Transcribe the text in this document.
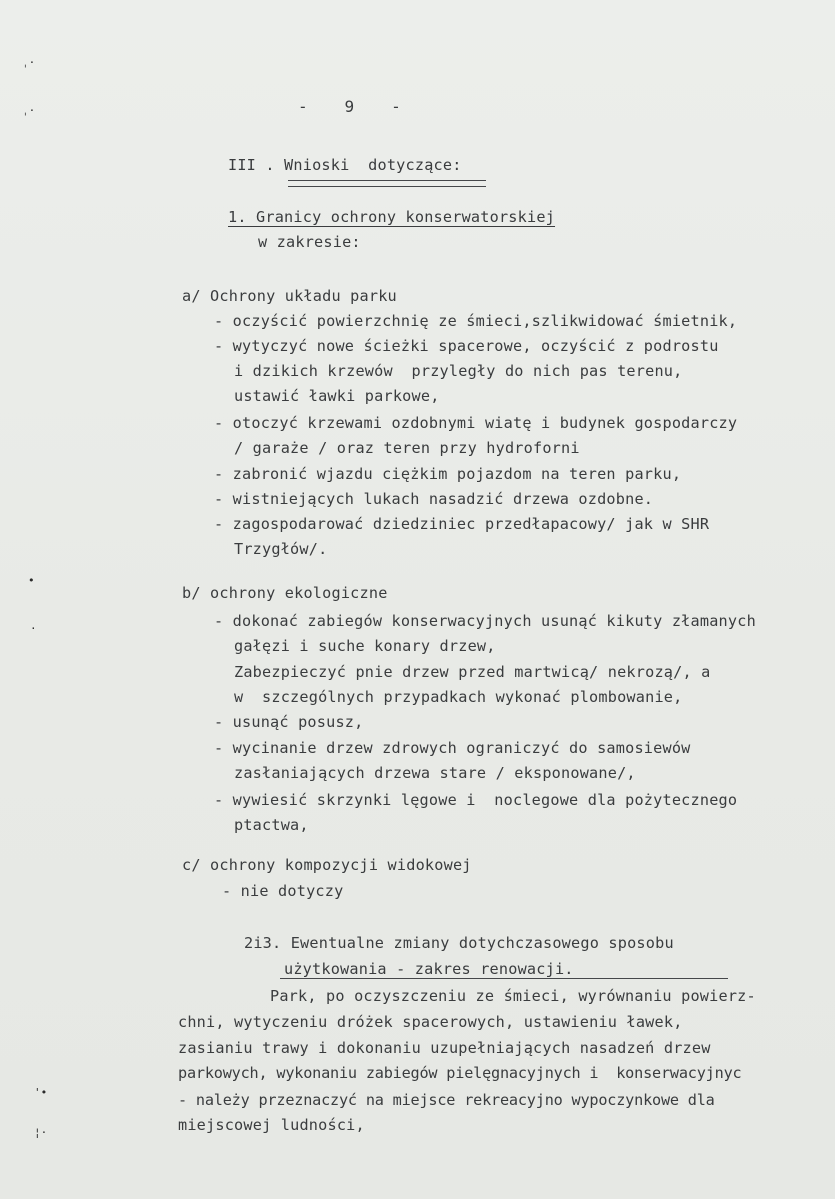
ˌ·
ˌ·
•
·
'•
¦·
-   9   -
III . Wnioski  dotyczące:
1. Granicy ochrony konserwatorskiej
w zakresie:
a/ Ochrony układu parku
- oczyścić powierzchnię ze śmieci,szlikwidować śmietnik,
- wytyczyć nowe ścieżki spacerowe, oczyścić z podrostu
i dzikich krzewów  przyległy do nich pas terenu,
ustawić ławki parkowe,
- otoczyć krzewami ozdobnymi wiatę i budynek gospodarczy
/ garaże / oraz teren przy hydroforni
- zabronić wjazdu ciężkim pojazdom na teren parku,
- wistniejących lukach nasadzić drzewa ozdobne.
- zagospodarować dziedziniec przedłapacowy/ jak w SHR
Trzygłów/.
b/ ochrony ekologiczne
- dokonać zabiegów konserwacyjnych usunąć kikuty złamanych
gałęzi i suche konary drzew,
Zabezpieczyć pnie drzew przed martwicą/ nekrozą/, a
w  szczególnych przypadkach wykonać plombowanie,
- usunąć posusz,
- wycinanie drzew zdrowych ograniczyć do samosiewów
zasłaniających drzewa stare / eksponowane/,
- wywiesić skrzynki lęgowe i  noclegowe dla pożytecznego
ptactwa,
c/ ochrony kompozycji widokowej
- nie dotyczy
2i3. Ewentualne zmiany dotychczasowego sposobu
użytkowania - zakres renowacji.
Park, po oczyszczeniu ze śmieci, wyrównaniu powierz-
chni, wytyczeniu dróżek spacerowych, ustawieniu ławek,
zasianiu trawy i dokonaniu uzupełniających nasadzeń drzew
parkowych, wykonaniu zabiegów pielęgnacyjnych i  konserwacyjnyc
- należy przeznaczyć na miejsce rekreacyjno wypoczynkowe dla
miejscowej ludności,
